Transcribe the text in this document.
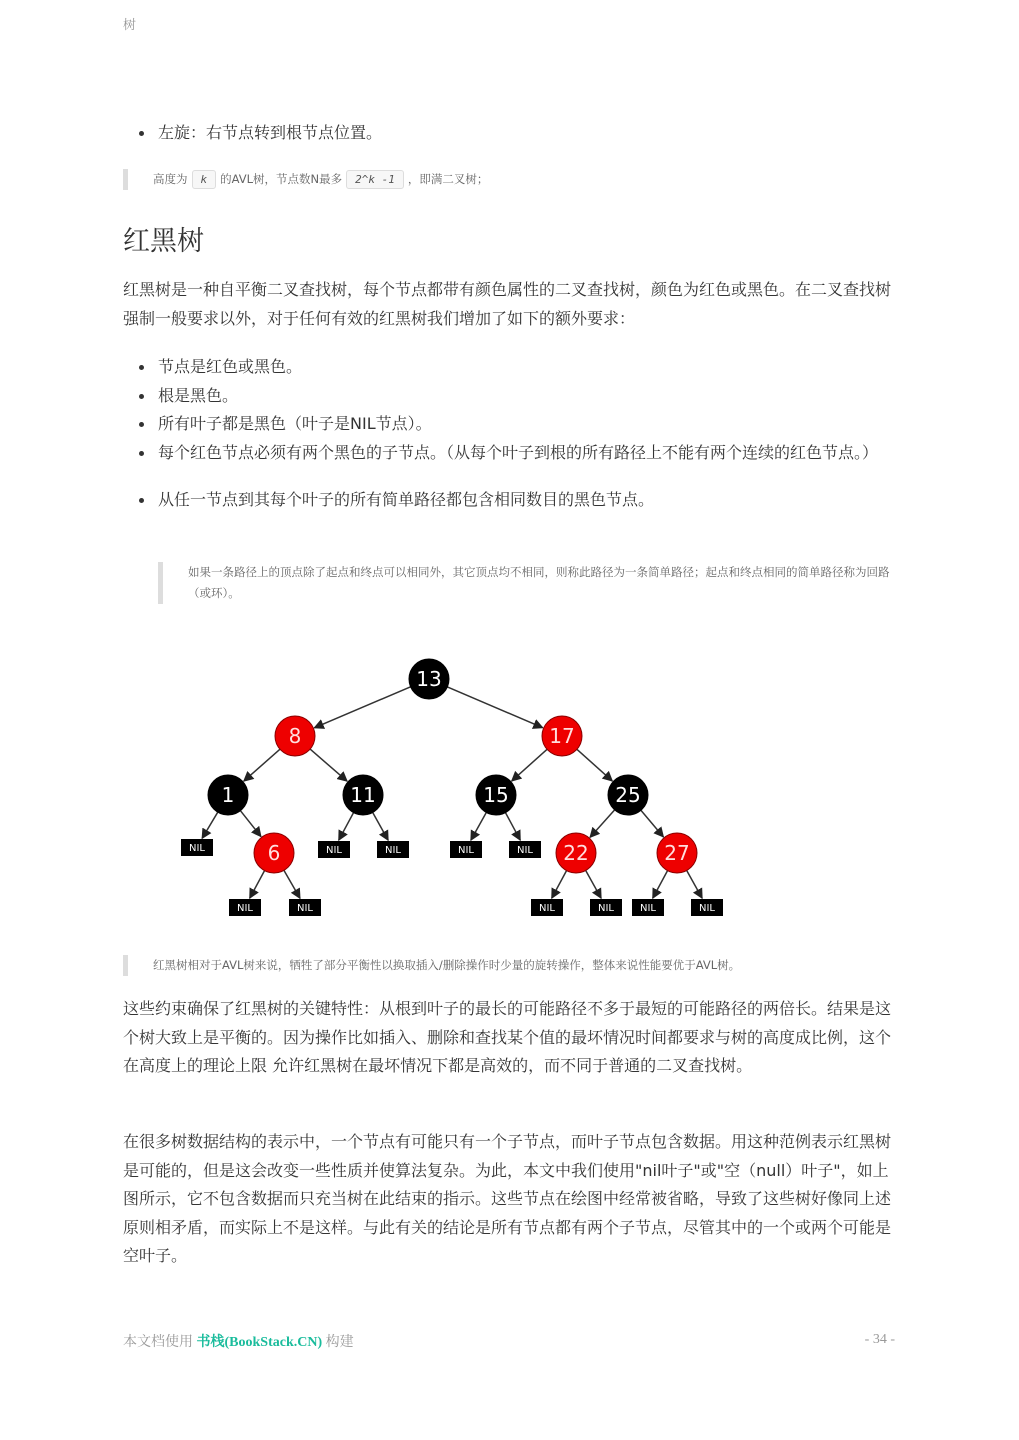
树
左旋：右节点转到根节点位置。
高度为 k 的AVL树，节点数N最多 2^k -1 ，即满二叉树；
红黑树
红黑树是一种自平衡二叉查找树，每个节点都带有颜色属性的二叉查找树，颜色为红色或黑色。在二叉查找树强制一般要求以外，对于任何有效的红黑树我们增加了如下的额外要求：
节点是红色或黑色。
根是黑色。
所有叶子都是黑色（叶子是NIL节点）。
每个红色节点必须有两个黑色的子节点。（从每个叶子到根的所有路径上不能有两个连续的红色节点。）
从任一节点到其每个叶子的所有简单路径都包含相同数目的黑色节点。
如果一条路径上的顶点除了起点和终点可以相同外，其它顶点均不相同，则称此路径为一条简单路径；起点和终点相同的简单路径称为回路（或环）。
13
8	17
1	11	15	25
NIL	6	NIL	NIL	NIL	NIL 22	27
NIL	NIL	NIL	NIL	NIL	NIL
红黑树相对于AVL树来说，牺牲了部分平衡性以换取插入/删除操作时少量的旋转操作，整体来说性能要优于AVL树。
这些约束确保了红黑树的关键特性：从根到叶子的最长的可能路径不多于最短的可能路径的两倍长。结果是这个树大致上是平衡的。因为操作比如插入、删除和查找某个值的最坏情况时间都要求与树的高度成比例，这个在高度上的理论上限 允许红黑树在最坏情况下都是高效的，而不同于普通的二叉查找树。
在很多树数据结构的表示中，一个节点有可能只有一个子节点，而叶子节点包含数据。用这种范例表示红黑树是可能的，但是这会改变一些性质并使算法复杂。为此，本文中我们使用"nil叶子"或"空（null）叶子"，如上图所示，它不包含数据而只充当树在此结束的指示。这些节点在绘图中经常被省略，导致了这些树好像同上述原则相矛盾，而实际上不是这样。与此有关的结论是所有节点都有两个子节点，尽管其中的一个或两个可能是空叶子。
本文档使用 书栈(BookStack.CN) 构建	- 34 -
